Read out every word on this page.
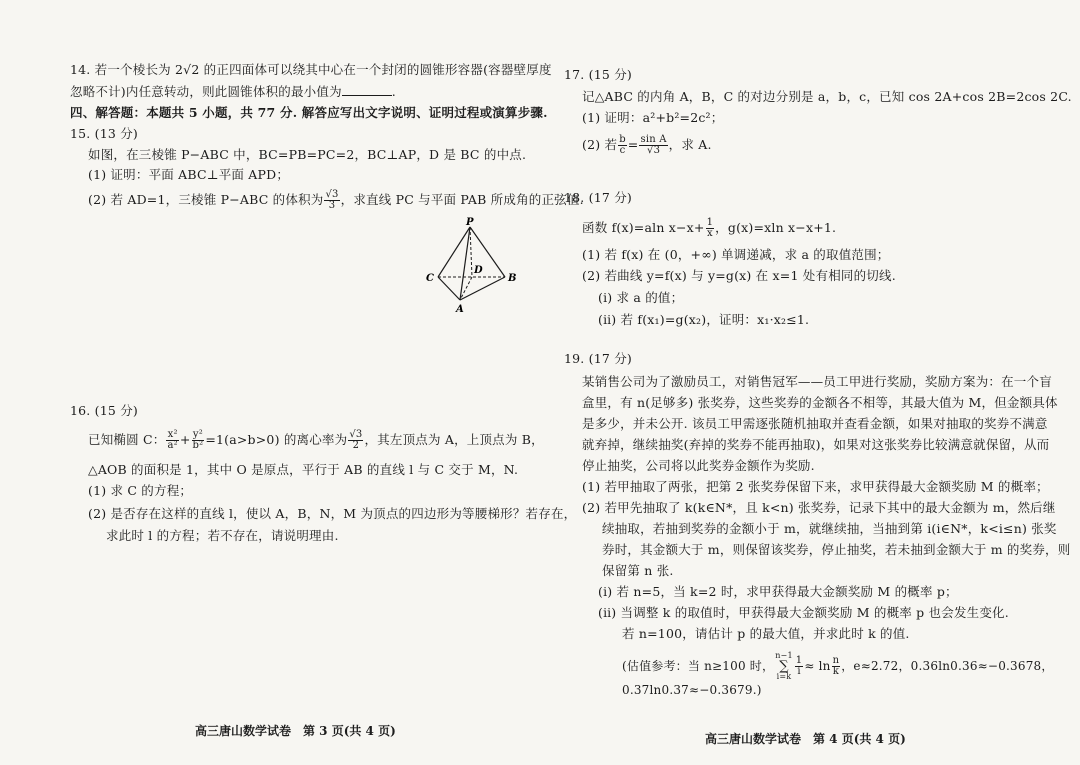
14. 若一个棱长为 2√2 的正四面体可以绕其中心在一个封闭的圆锥形容器(容器壁厚度
忽略不计)内任意转动，则此圆锥体积的最小值为	.
四、解答题：本题共 5 小题，共 77 分. 解答应写出文字说明、证明过程或演算步骤.
15. (13 分)
如图，在三棱锥 P−ABC 中，BC=PB=PC=2，BC⊥AP，D 是 BC 的中点.
(1) 证明：平面 ABC⊥平面 APD；
(2) 若 AD=1，三棱锥 P−ABC 的体积为 $\frac{√3}{3}$ ，求直线 PC 与平面 PAB 所成角的正弦值.
P
C
D
B
A
16. (15 分)
已知椭圆 C： $\frac{\text{x²}}{\text{a²}} + \frac{\text{y²}}{\text{b²}} =1(a>b>0)$ 的离心率为 $\frac{√3}{2}$ ，其左顶点为 A，上顶点为 B，
△AOB 的面积是 1，其中 O 是原点，平行于 AB 的直线 l 与 C 交于 M，N.
(1) 求 C 的方程；
(2) 是否存在这样的直线 l，使以 A，B，N，M 为顶点的四边形为等腰梯形？若存在，
求此时 l 的方程；若不存在，请说明理由.
高三唐山数学试卷　第 3 页(共 4 页)
17. (15 分)
记△ABC 的内角 A，B，C 的对边分别是 a，b，c，已知 cos 2A+cos 2B=2cos 2C.
(1) 证明：a²+b²=2c²；
(2) 若 $\frac{b}{c} = \frac{\text{sin A}}{√3}$ ，求 A.
18. (17 分)
函数 f(x)=aln $x-x+ \frac{1}{x}$ ，g(x)=xln x−x+1.
(1) 若 f(x) 在 (0，+∞) 单调递减，求 a 的取值范围；
(2) 若曲线 y=f(x) 与 y=g(x) 在 x=1 处有相同的切线.
(ⅰ) 求 a 的值；
(ⅱ) 若 f(x₁)=g(x₂)，证明：x₁·x₂≤1.
19. (17 分)
某销售公司为了激励员工，对销售冠军——员工甲进行奖励，奖励方案为：在一个盲
盒里，有 n(足够多) 张奖券，这些奖券的金额各不相等，其最大值为 M，但金额具体
是多少，并未公开. 该员工甲需逐张随机抽取并查看金额，如果对抽取的奖券不满意
就弃掉，继续抽奖(弃掉的奖券不能再抽取)，如果对这张奖券比较满意就保留，从而
停止抽奖，公司将以此奖券金额作为奖励.
(1) 若甲抽取了两张，把第 2 张奖券保留下来，求甲获得最大金额奖励 M 的概率；
(2) 若甲先抽取了 k(k∈N*，且 k<n) 张奖券，记录下其中的最大金额为 m，然后继
续抽取，若抽到奖券的金额小于 m，就继续抽，当抽到第 i(i∈N*，k<i≤n) 张奖
券时，其金额大于 m，则保留该奖券，停止抽奖，若未抽到金额大于 m 的奖券，则
保留第 n 张.
(ⅰ) 若 n=5，当 k=2 时，求甲获得最大金额奖励 M 的概率 p；
(ⅱ) 当调整 k 的取值时，甲获得最大金额奖励 M 的概率 p 也会发生变化.
若 n=100，请估计 p 的最大值，并求此时 k 的值.
(估值参考：当 n≥100 时，
n−1
∑
$i=k \frac{1}{i} \approx \ln \frac{n}{k}$ ，e≈2.72，0.36ln0.36≈−0.3678，
0.37ln0.37≈−0.3679.)
高三唐山数学试卷　第 4 页(共 4 页)
